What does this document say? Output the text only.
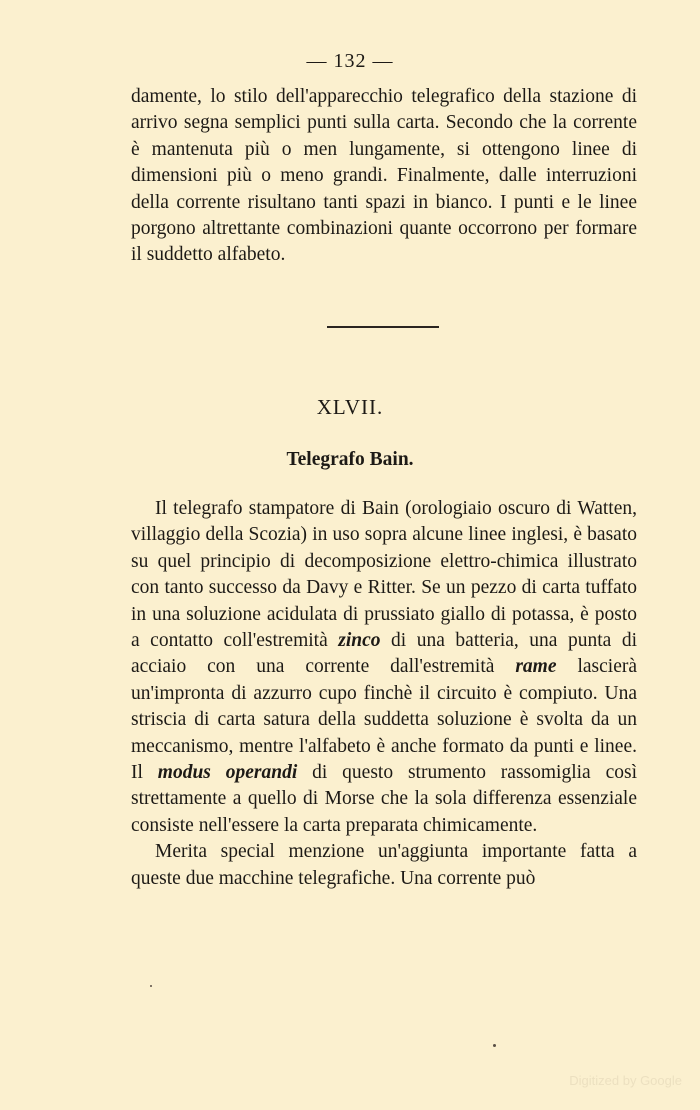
— 132 —

damente, lo stilo dell'apparecchio telegrafico della stazione di arrivo segna semplici punti sulla carta. Secondo che la corrente è mantenuta più o men lungamente, si ottengono linee di dimensioni più o meno grandi. Finalmente, dalle interruzioni della corrente risultano tanti spazi in bianco. I punti e le linee porgono altrettante combinazioni quante occorrono per formare il suddetto alfabeto.

XLVII.
Telegrafo Bain.

Il telegrafo stampatore di Bain (orologiaio oscuro di Watten, villaggio della Scozia) in uso sopra alcune linee inglesi, è basato su quel principio di decomposizione elettro-chimica illustrato con tanto successo da Davy e Ritter. Se un pezzo di carta tuffato in una soluzione acidulata di prussiato giallo di potassa, è posto a contatto coll'estremità zinco di una batteria, una punta di acciaio con una corrente dall'estremità rame lascierà un'impronta di azzurro cupo finchè il circuito è compiuto. Una striscia di carta satura della suddetta soluzione è svolta da un meccanismo, mentre l'alfabeto è anche formato da punti e linee. Il modus operandi di questo strumento rassomiglia così strettamente a quello di Morse che la sola differenza essenziale consiste nell'essere la carta preparata chimicamente.

Merita special menzione un'aggiunta importante fatta a queste due macchine telegrafiche. Una corrente può

Digitized by Google
